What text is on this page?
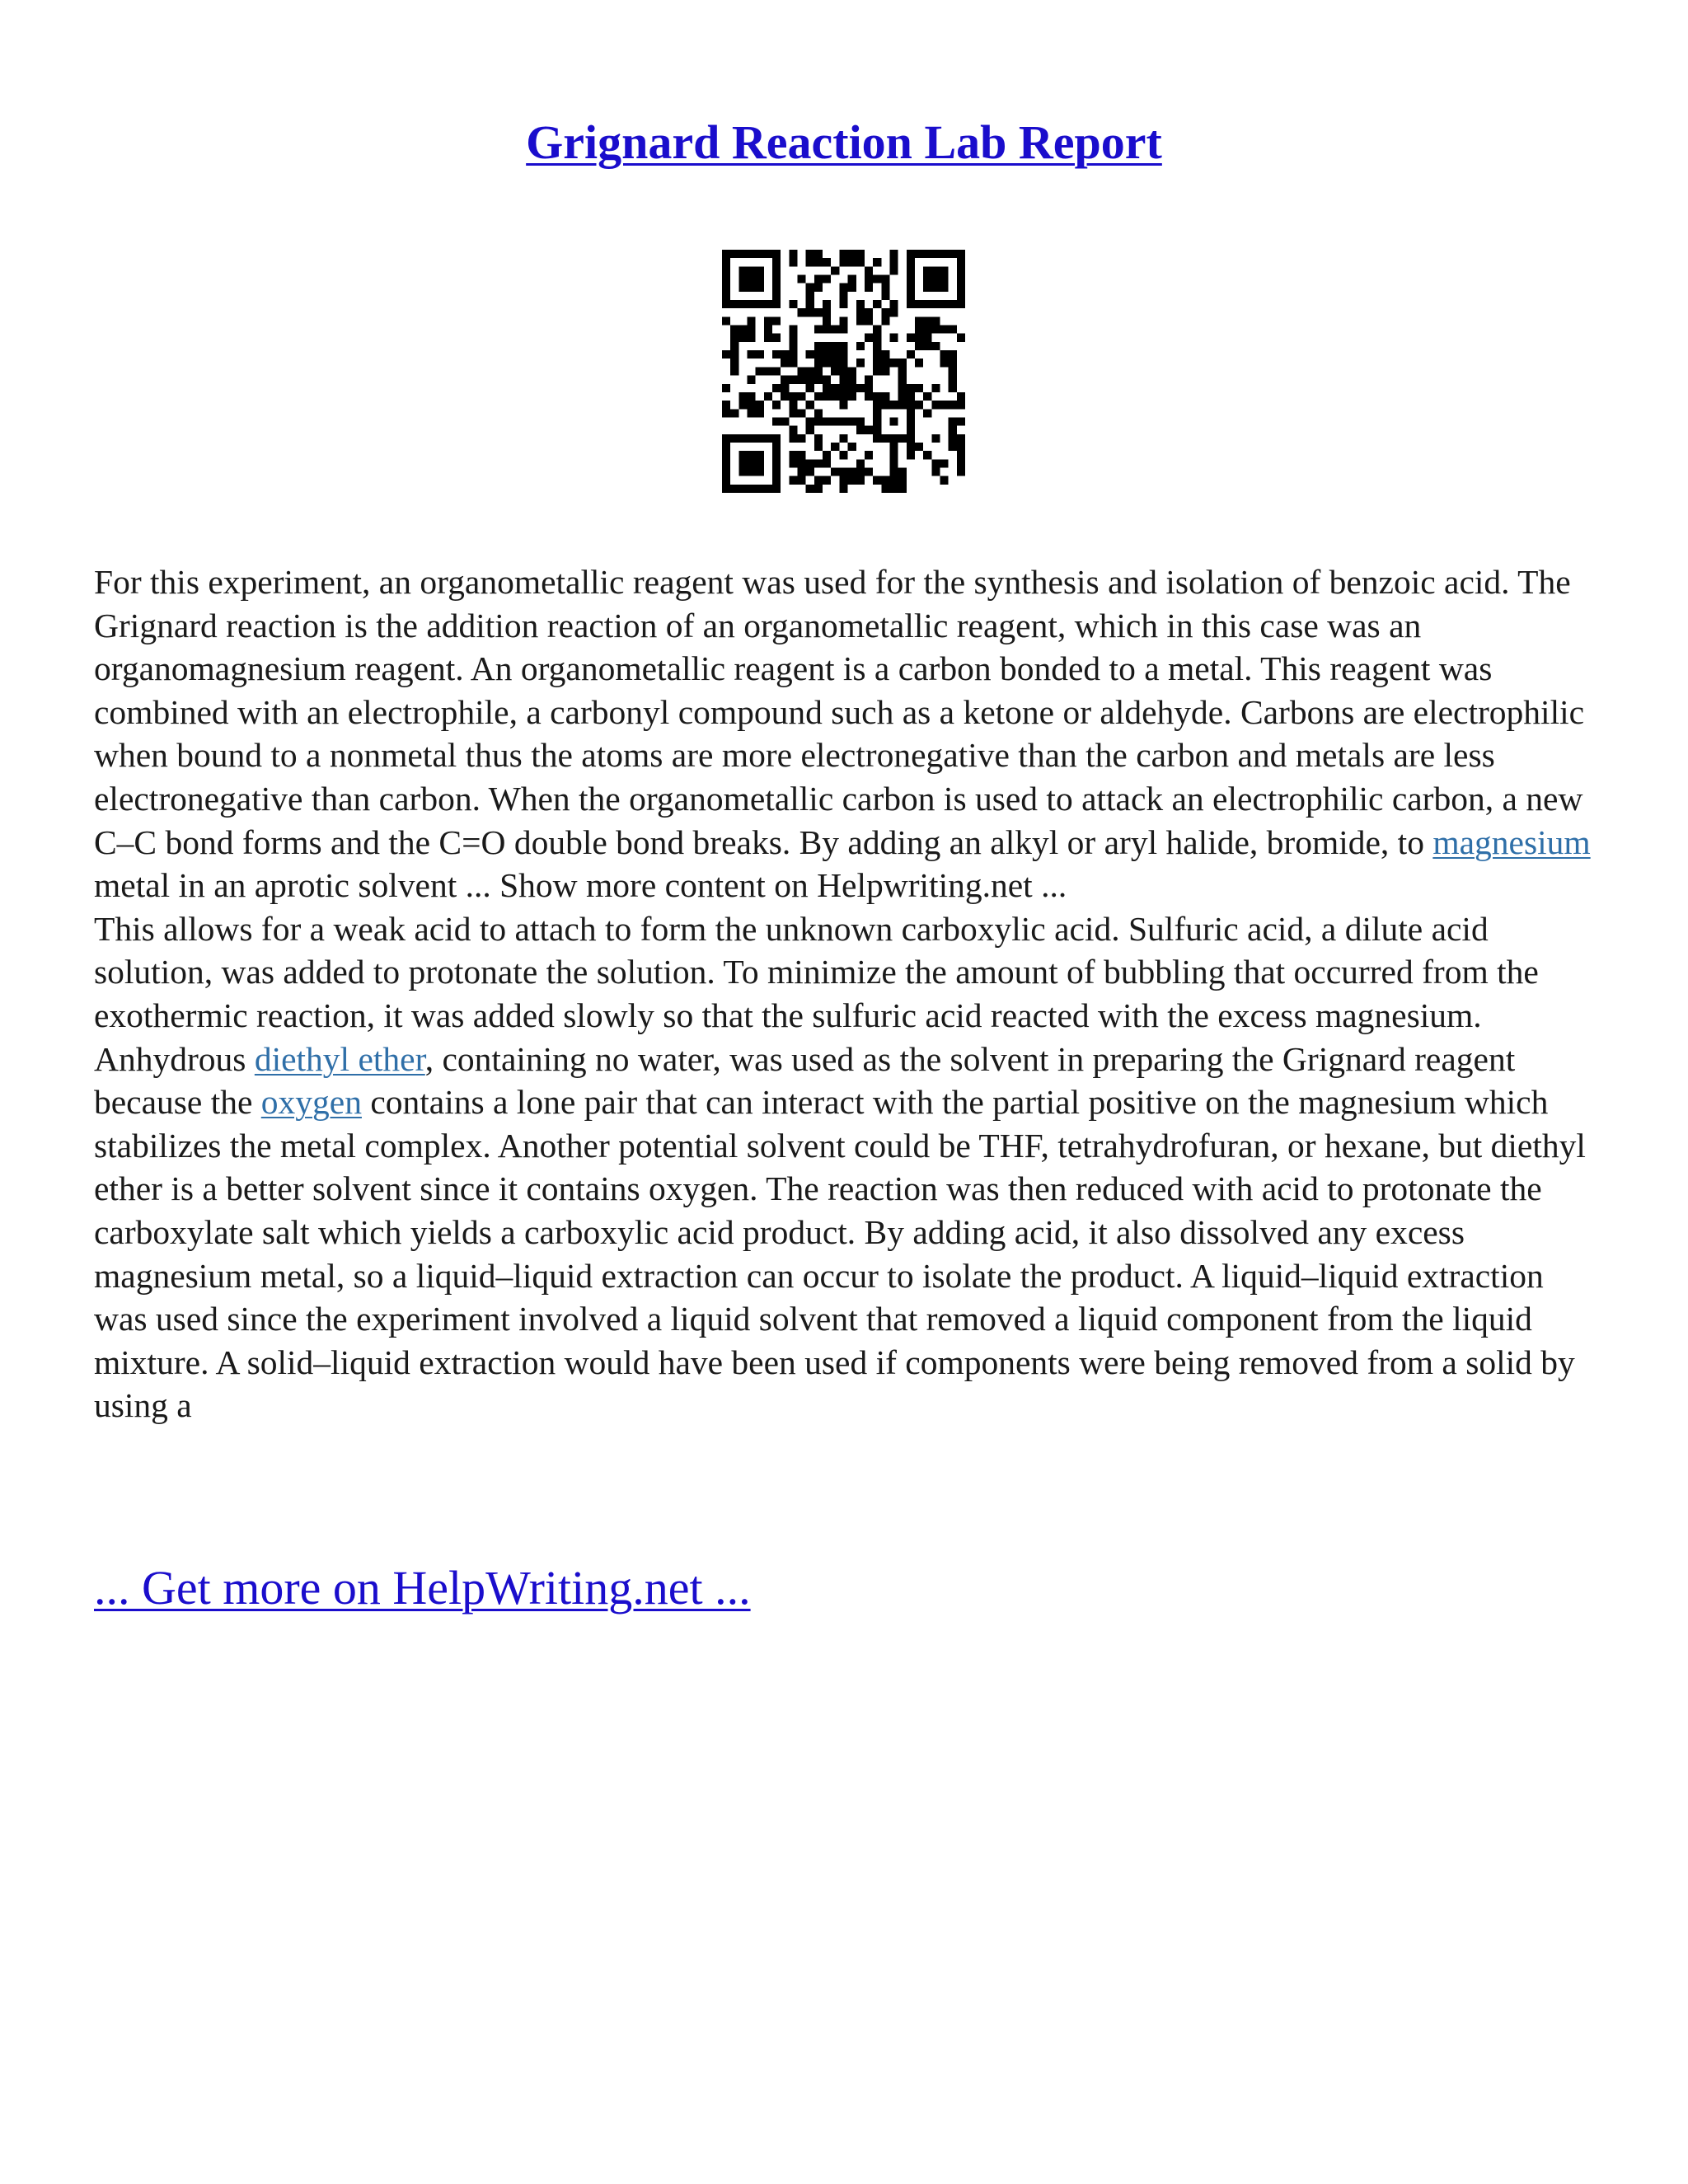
Grignard Reaction Lab Report

For this experiment, an organometallic reagent was used for the synthesis and isolation of benzoic acid. The Grignard reaction is the addition reaction of an organometallic reagent, which in this case was an organomagnesium reagent. An organometallic reagent is a carbon bonded to a metal. This reagent was combined with an electrophile, a carbonyl compound such as a ketone or aldehyde. Carbons are electrophilic when bound to a nonmetal thus the atoms are more electronegative than the carbon and metals are less electronegative than carbon. When the organometallic carbon is used to attack an electrophilic carbon, a new C–C bond forms and the C=O double bond breaks. By adding an alkyl or aryl halide, bromide, to magnesium metal in an aprotic solvent ... Show more content on Helpwriting.net ...

This allows for a weak acid to attach to form the unknown carboxylic acid. Sulfuric acid, a dilute acid solution, was added to protonate the solution. To minimize the amount of bubbling that occurred from the exothermic reaction, it was added slowly so that the sulfuric acid reacted with the excess magnesium. Anhydrous diethyl ether, containing no water, was used as the solvent in preparing the Grignard reagent because the oxygen contains a lone pair that can interact with the partial positive on the magnesium which stabilizes the metal complex. Another potential solvent could be THF, tetrahydrofuran, or hexane, but diethyl ether is a better solvent since it contains oxygen. The reaction was then reduced with acid to protonate the carboxylate salt which yields a carboxylic acid product. By adding acid, it also dissolved any excess magnesium metal, so a liquid–liquid extraction can occur to isolate the product. A liquid–liquid extraction was used since the experiment involved a liquid solvent that removed a liquid component from the liquid mixture. A solid–liquid extraction would have been used if components were being removed from a solid by using a

... Get more on HelpWriting.net ...
